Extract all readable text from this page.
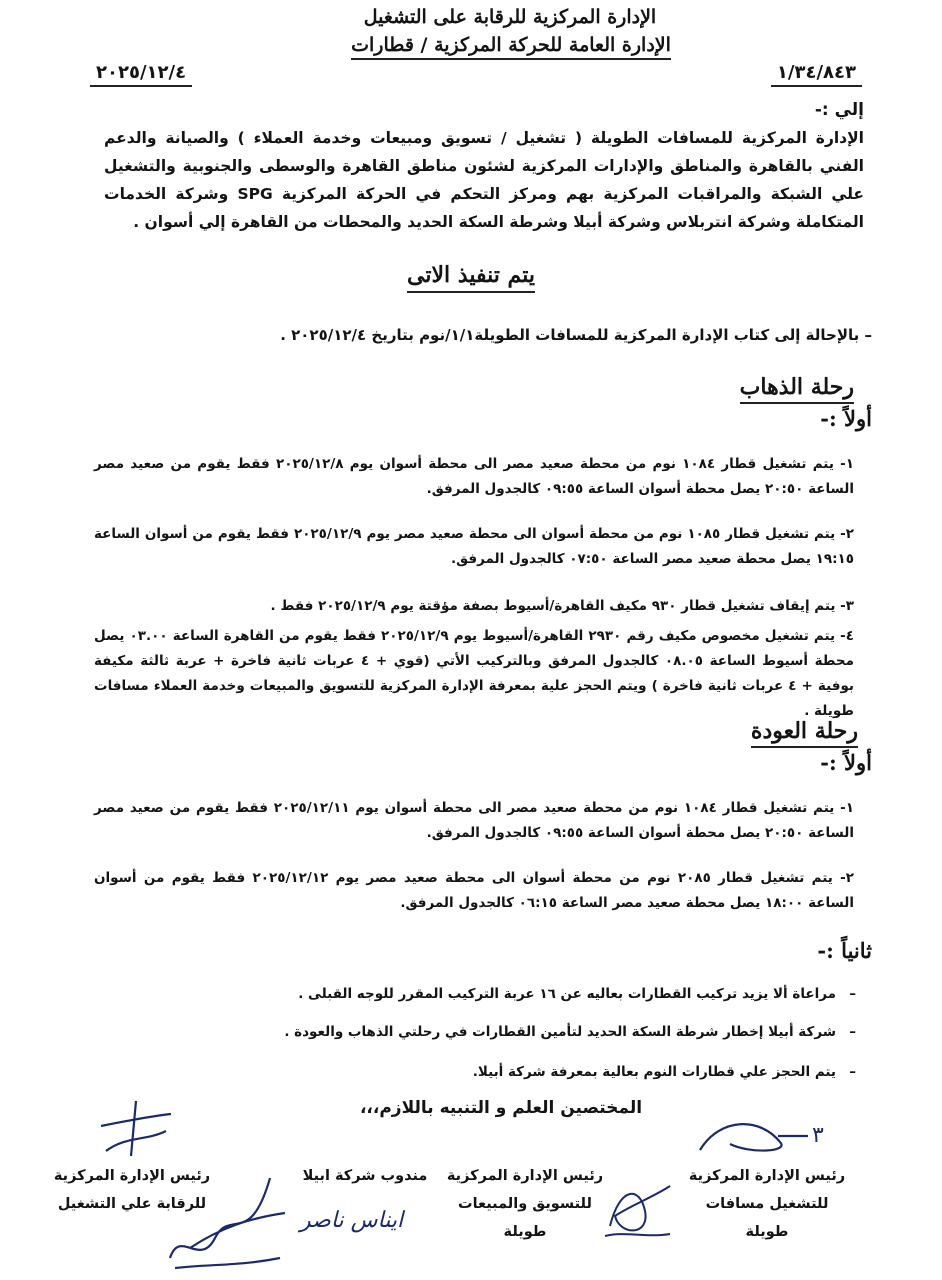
الإدارة المركزية للرقابة على التشغيل
الإدارة العامة للحركة المركزية / قطارات
١/٣٤/٨٤٣
٢٠٢٥/١٢/٤
إلي :-
الإدارة المركزية للمسافات الطويلة ( تشغيل / تسويق ومبيعات وخدمة العملاء ) والصيانة والدعم الفني بالقاهرة والمناطق والإدارات المركزية لشئون مناطق القاهرة والوسطى والجنوبية والتشغيل علي الشبكة والمراقبات المركزية بهم ومركز التحكم في الحركة المركزية SPG وشركة الخدمات المتكاملة وشركة انتربلاس وشركة أبيلا وشرطة السكة الحديد والمحطات من القاهرة إلي أسوان .
يتم تنفيذ الاتى
– بالإحالة إلى كتاب الإدارة المركزية للمسافات الطويلة١/١/نوم بتاريخ ٢٠٢٥/١٢/٤ .
رحلة الذهاب
أولاً :-
١- يتم تشغيل قطار ١٠٨٤ نوم من محطة صعيد مصر الى محطة أسوان يوم ٢٠٢٥/١٢/٨ فقط يقوم من صعيد مصر الساعة ٢٠:٥٠ يصل محطة أسوان الساعة ٠٩:٥٥ كالجدول المرفق.
٢- يتم تشغيل قطار ١٠٨٥ نوم من محطة أسوان الى محطة صعيد مصر يوم ٢٠٢٥/١٢/٩ فقط يقوم من أسوان الساعة ١٩:١٥ يصل محطة صعيد مصر الساعة ٠٧:٥٠ كالجدول المرفق.
٣- يتم إيقاف تشغيل قطار ٩٣٠ مكيف القاهرة/أسيوط بصفة مؤقتة يوم ٢٠٢٥/١٢/٩ فقط .
٤- يتم تشغيل مخصوص مكيف رقم ٢٩٣٠ القاهرة/أسيوط يوم ٢٠٢٥/١٢/٩ فقط يقوم من القاهرة الساعة ٠٣.٠٠ يصل محطة أسيوط الساعة ٠٨.٠٥ كالجدول المرفق وبالتركيب الأتي (قوي + ٤ عربات ثانية فاخرة + عربة ثالثة مكيفة بوفية + ٤ عربات ثانية فاخرة ) ويتم الحجز علية بمعرفة الإدارة المركزية للتسويق والمبيعات وخدمة العملاء مسافات طويلة .
رحلة العودة
أولاً :-
١- يتم تشغيل قطار ١٠٨٤ نوم من محطة صعيد مصر الى محطة أسوان يوم ٢٠٢٥/١٢/١١ فقط يقوم من صعيد مصر الساعة ٢٠:٥٠ يصل محطة أسوان الساعة ٠٩:٥٥ كالجدول المرفق.
٢- يتم تشغيل قطار ٢٠٨٥ نوم من محطة أسوان الى محطة صعيد مصر يوم ٢٠٢٥/١٢/١٢ فقط يقوم من أسوان الساعة ١٨:٠٠ يصل محطة صعيد مصر الساعة ٠٦:١٥ كالجدول المرفق.
ثانياً :-
–
مراعاة ألا يزيد تركيب القطارات بعاليه عن ١٦ عربة التركيب المقرر للوجه القبلى .
–
شركة أبيلا إخطار شرطة السكة الحديد لتأمين القطارات في رحلتي الذهاب والعودة .
–
يتم الحجز علي قطارات النوم بعالية بمعرفة شركة أبيلا.
المختصين العلم و التنبيه باللازم،،،
رئيس الإدارة المركزية للتشغيل مسافات طويلة
رئيس الإدارة المركزية للتسويق والمبيعات طويلة
مندوب شركة ابيلا
رئيس الإدارة المركزية للرقابة علي التشغيل
٣
ايناس ناصر
